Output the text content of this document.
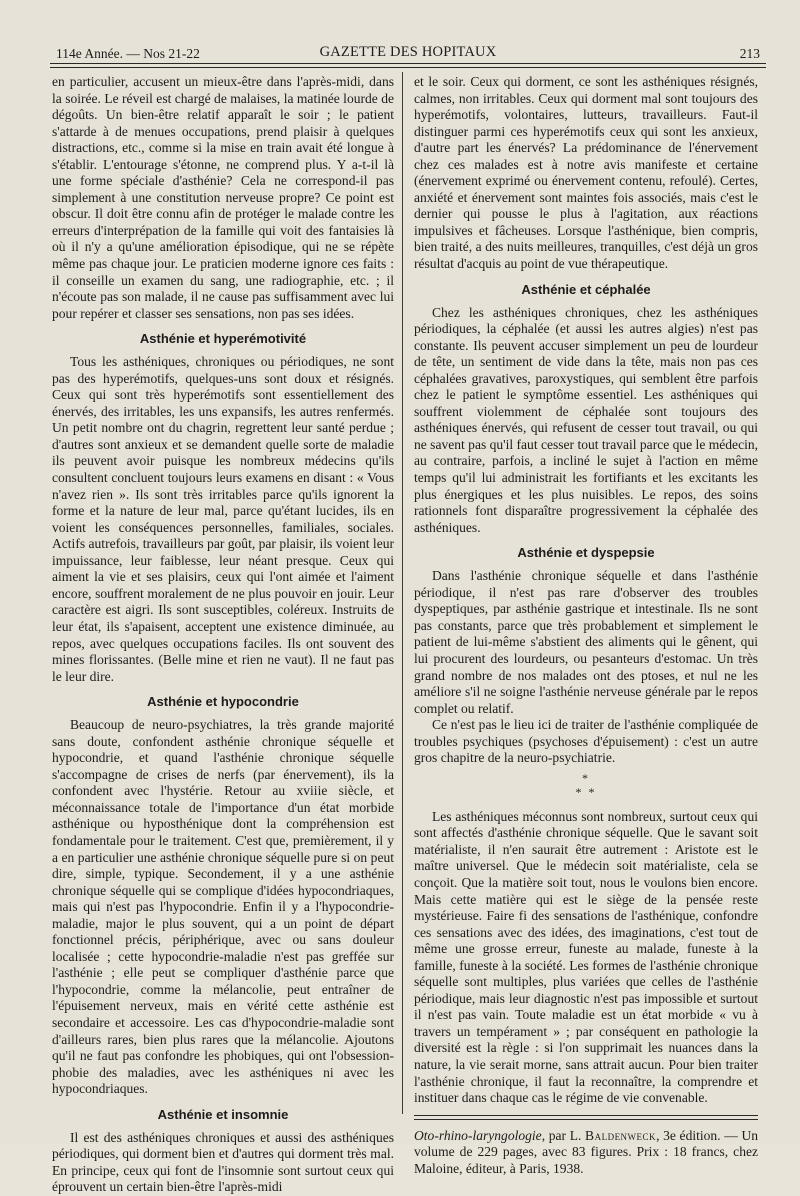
114e Année. — Nos 21-22	GAZETTE DES HOPITAUX	213

en particulier, accusent un mieux-être dans l'après-midi, dans la soirée. Le réveil est chargé de malaises, la matinée lourde de dégoûts. Un bien-être relatif apparaît le soir ; le patient s'attarde à de menues occupations, prend plaisir à quelques distractions, etc., comme si la mise en train avait été longue à s'établir. L'entourage s'étonne, ne comprend plus. Y a-t-il là une forme spéciale d'asthénie? Cela ne correspond-il pas simplement à une constitution nerveuse propre? Ce point est obscur. Il doit être connu afin de protéger le malade contre les erreurs d'interprépation de la famille qui voit des fantaisies là où il n'y a qu'une amélioration épisodique, qui ne se répète même pas chaque jour. Le praticien moderne ignore ces faits : il conseille un examen du sang, une radiographie, etc. ; il n'écoute pas son malade, il ne cause pas suffisamment avec lui pour repérer et classer ses sensations, non pas ses idées.

Asthénie et hyperémotivité

Tous les asthéniques, chroniques ou périodiques, ne sont pas des hyperémotifs, quelques-uns sont doux et résignés. Ceux qui sont très hyperémotifs sont essentiellement des énervés, des irritables, les uns expansifs, les autres renfermés. Un petit nombre ont du chagrin, regrettent leur santé perdue ; d'autres sont anxieux et se demandent quelle sorte de maladie ils peuvent avoir puisque les nombreux médecins qu'ils consultent concluent toujours leurs examens en disant : « Vous n'avez rien ». Ils sont très irritables parce qu'ils ignorent la forme et la nature de leur mal, parce qu'étant lucides, ils en voient les conséquences personnelles, familiales, sociales. Actifs autrefois, travailleurs par goût, par plaisir, ils voient leur impuissance, leur faiblesse, leur néant presque. Ceux qui aiment la vie et ses plaisirs, ceux qui l'ont aimée et l'aiment encore, souffrent moralement de ne plus pouvoir en jouir. Leur caractère est aigri. Ils sont susceptibles, coléreux. Instruits de leur état, ils s'apaisent, acceptent une existence diminuée, au repos, avec quelques occupations faciles. Ils ont souvent des mines florissantes. (Belle mine et rien ne vaut). Il ne faut pas le leur dire.

Asthénie et hypocondrie

Beaucoup de neuro-psychiatres, la très grande majorité sans doute, confondent asthénie chronique séquelle et hypocondrie, et quand l'asthénie chronique séquelle s'accompagne de crises de nerfs (par énervement), ils la confondent avec l'hystérie. Retour au xviiie siècle, et méconnaissance totale de l'importance d'un état morbide asthénique ou hyposthénique dont la compréhension est fondamentale pour le traitement. C'est que, premièrement, il y a en particulier une asthénie chronique séquelle pure si on peut dire, simple, typique. Secondement, il y a une asthénie chronique séquelle qui se complique d'idées hypocondriaques, mais qui n'est pas l'hypocondrie. Enfin il y a l'hypocondrie-maladie, major le plus souvent, qui a un point de départ fonctionnel précis, périphérique, avec ou sans douleur localisée ; cette hypocondrie-maladie n'est pas greffée sur l'asthénie ; elle peut se compliquer d'asthénie parce que l'hypocondrie, comme la mélancolie, peut entraîner de l'épuisement nerveux, mais en vérité cette asthénie est secondaire et accessoire. Les cas d'hypocondrie-maladie sont d'ailleurs rares, bien plus rares que la mélancolie. Ajoutons qu'il ne faut pas confondre les phobiques, qui ont l'obsession-phobie des maladies, avec les asthéniques ni avec les hypocondriaques.

Asthénie et insomnie

Il est des asthéniques chroniques et aussi des asthéniques périodiques, qui dorment bien et d'autres qui dorment très mal. En principe, ceux qui font de l'insomnie sont surtout ceux qui éprouvent un certain bien-être l'après-midi

et le soir. Ceux qui dorment, ce sont les asthéniques résignés, calmes, non irritables. Ceux qui dorment mal sont toujours des hyperémotifs, volontaires, lutteurs, travailleurs. Faut-il distinguer parmi ces hyperémotifs ceux qui sont les anxieux, d'autre part les énervés? La prédominance de l'énervement chez ces malades est à notre avis manifeste et certaine (énervement exprimé ou énervement contenu, refoulé). Certes, anxiété et énervement sont maintes fois associés, mais c'est le dernier qui pousse le plus à l'agitation, aux réactions impulsives et fâcheuses. Lorsque l'asthénique, bien compris, bien traité, a des nuits meilleures, tranquilles, c'est déjà un gros résultat d'acquis au point de vue thérapeutique.

Asthénie et céphalée

Chez les asthéniques chroniques, chez les asthéniques périodiques, la céphalée (et aussi les autres algies) n'est pas constante. Ils peuvent accuser simplement un peu de lourdeur de tête, un sentiment de vide dans la tête, mais non pas ces céphalées gravatives, paroxystiques, qui semblent être parfois chez le patient le symptôme essentiel. Les asthéniques qui souffrent violemment de céphalée sont toujours des asthéniques énervés, qui refusent de cesser tout travail, ou qui ne savent pas qu'il faut cesser tout travail parce que le médecin, au contraire, parfois, a incliné le sujet à l'action en même temps qu'il lui administrait les fortifiants et les excitants les plus énergiques et les plus nuisibles. Le repos, des soins rationnels font disparaître progressivement la céphalée des asthéniques.

Asthénie et dyspepsie

Dans l'asthénie chronique séquelle et dans l'asthénie périodique, il n'est pas rare d'observer des troubles dyspeptiques, par asthénie gastrique et intestinale. Ils ne sont pas constants, parce que très probablement et simplement le patient de lui-même s'abstient des aliments qui le gênent, qui lui procurent des lourdeurs, ou pesanteurs d'estomac. Un très grand nombre de nos malades ont des ptoses, et nul ne les améliore s'il ne soigne l'asthénie nerveuse générale par le repos complet ou relatif.

Ce n'est pas le lieu ici de traiter de l'asthénie compliquée de troubles psychiques (psychoses d'épuisement) : c'est un autre gros chapitre de la neuro-psychiatrie.

*
* *

Les asthéniques méconnus sont nombreux, surtout ceux qui sont affectés d'asthénie chronique séquelle. Que le savant soit matérialiste, il n'en saurait être autrement : Aristote est le maître universel. Que le médecin soit matérialiste, cela se conçoit. Que la matière soit tout, nous le voulons bien encore. Mais cette matière qui est le siège de la pensée reste mystérieuse. Faire fi des sensations de l'asthénique, confondre ces sensations avec des idées, des imaginations, c'est tout de même une grosse erreur, funeste au malade, funeste à la famille, funeste à la société. Les formes de l'asthénie chronique séquelle sont multiples, plus variées que celles de l'asthénie périodique, mais leur diagnostic n'est pas impossible et surtout il n'est pas vain. Toute maladie est un état morbide « vu à travers un tempérament » ; par conséquent en pathologie la diversité est la règle : si l'on supprimait les nuances dans la nature, la vie serait morne, sans attrait aucun. Pour bien traiter l'asthénie chronique, il faut la reconnaître, la comprendre et instituer dans chaque cas le régime de vie convenable.

Oto-rhino-laryngologie, par L. Baldenweck, 3e édition. — Un volume de 229 pages, avec 83 figures. Prix : 18 francs, chez Maloine, éditeur, à Paris, 1938.
